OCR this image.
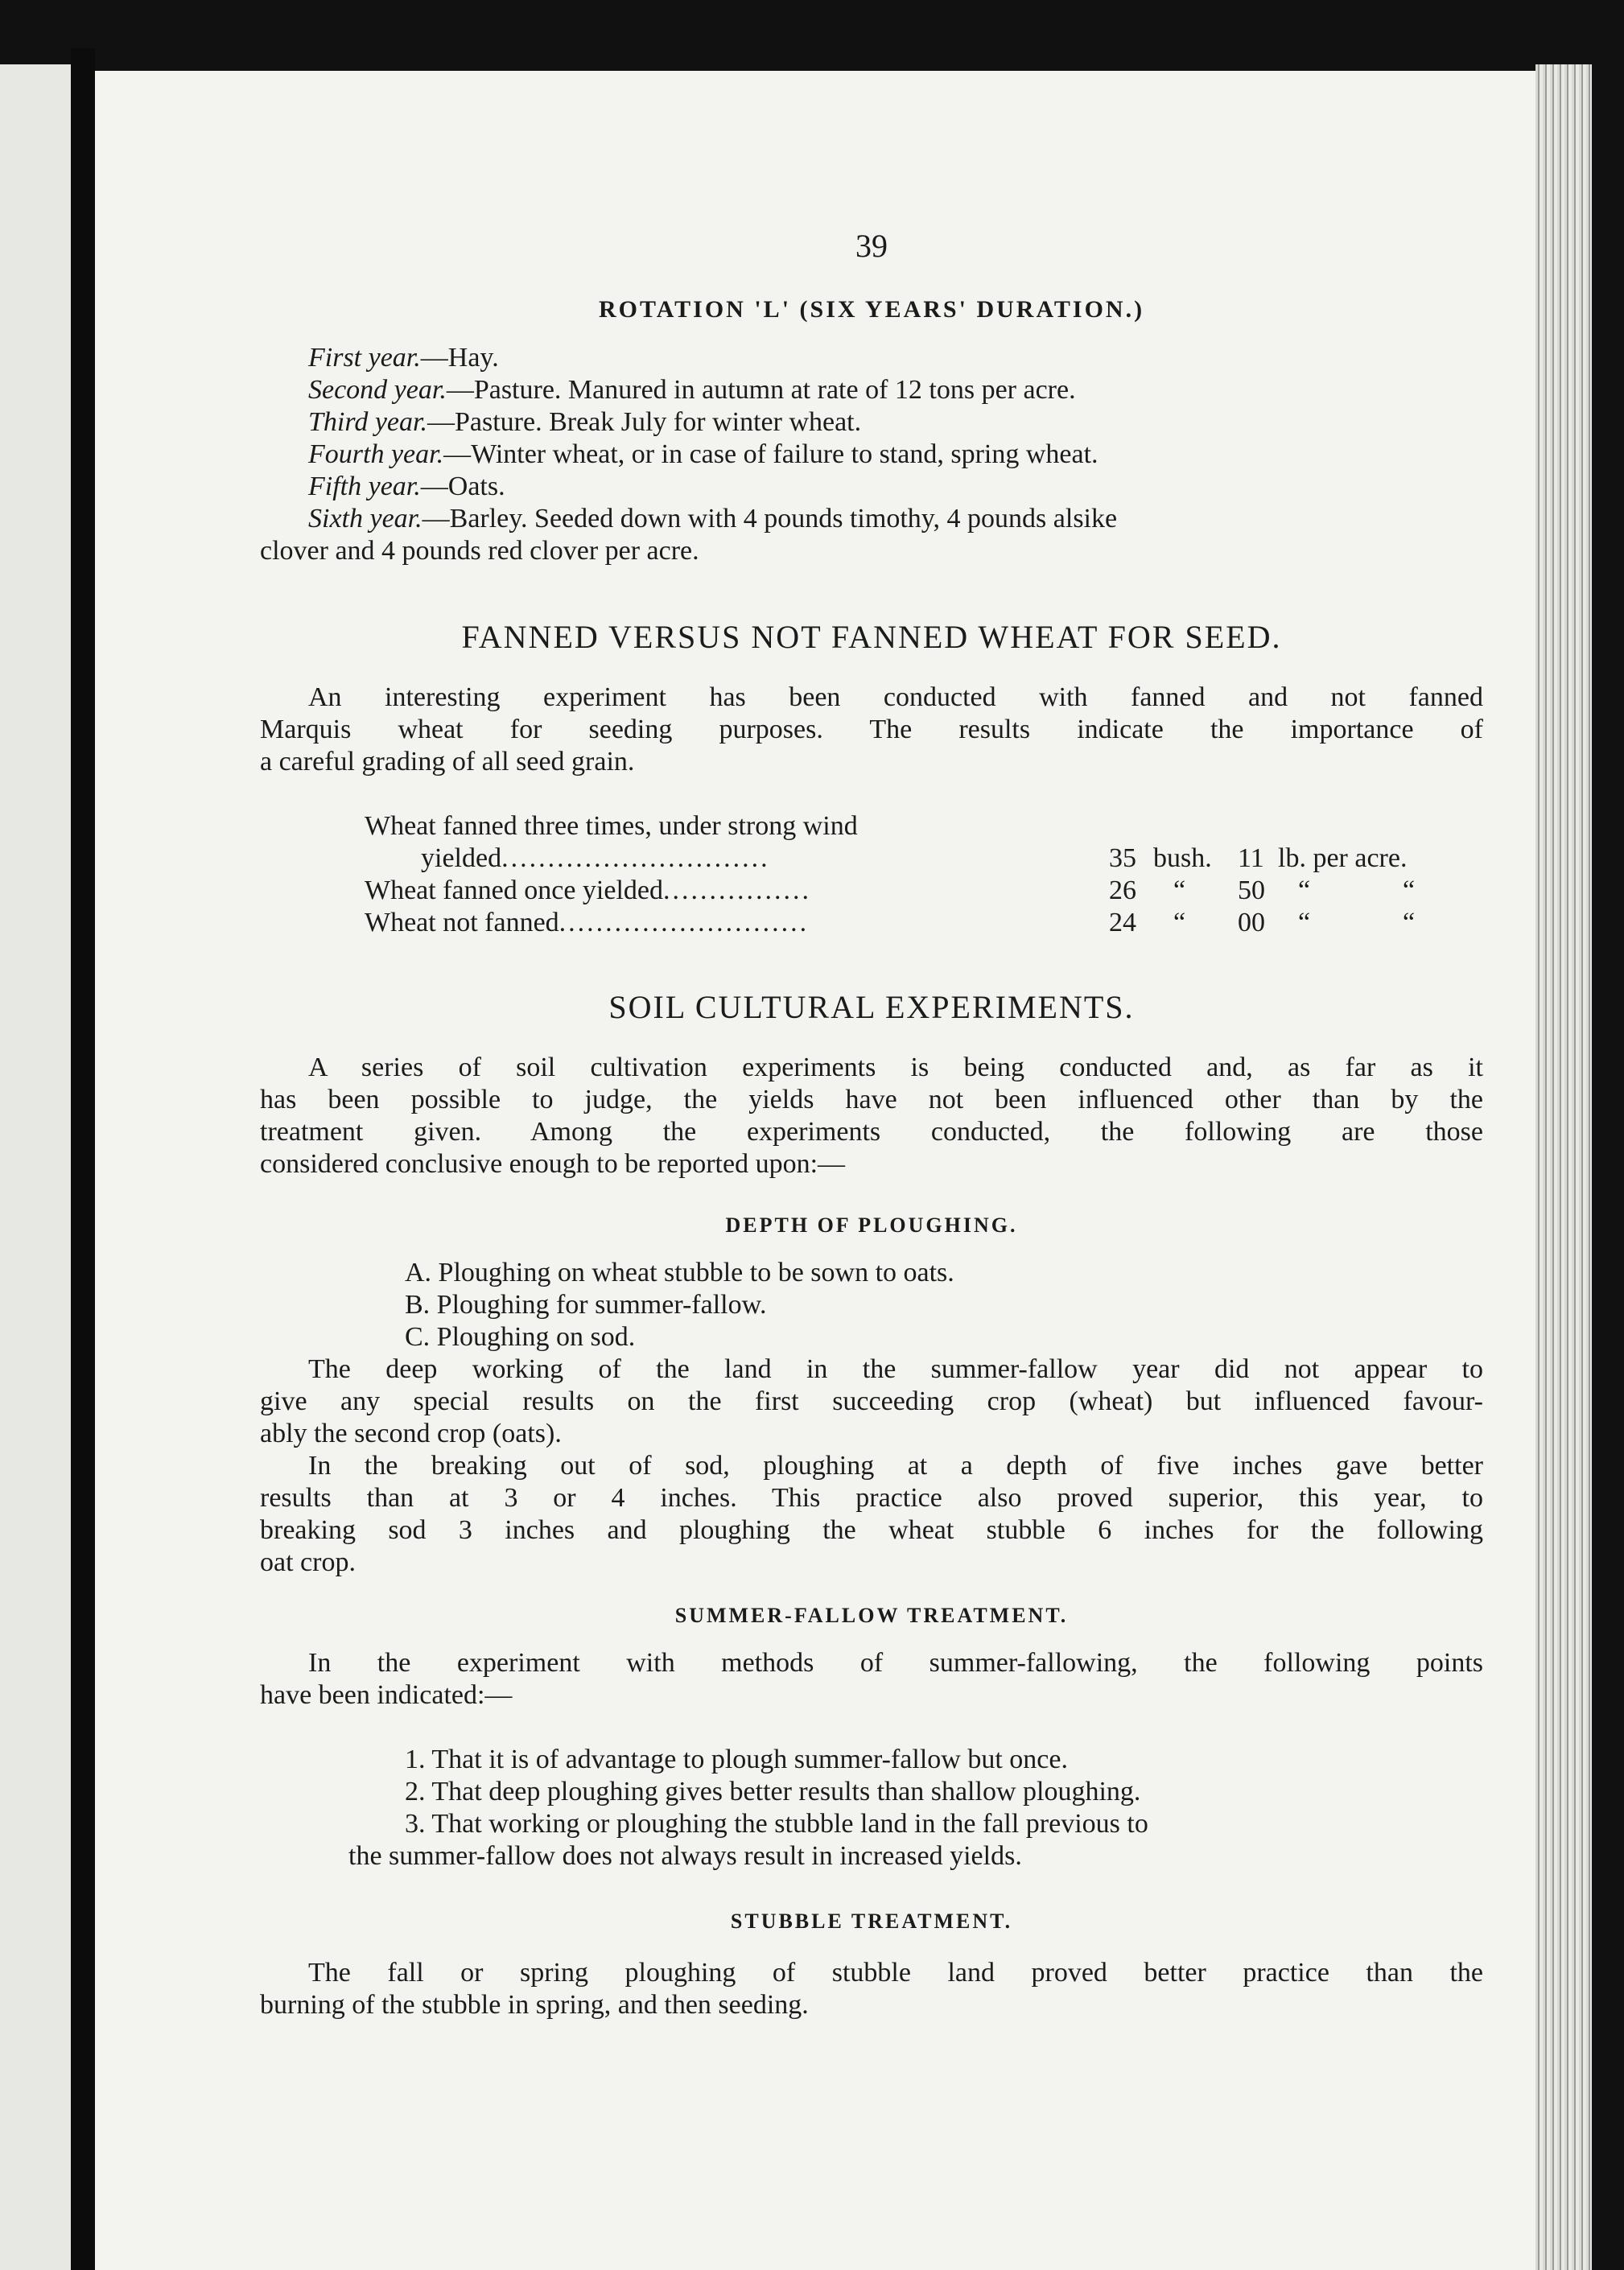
39
ROTATION 'L' (SIX YEARS' DURATION.)
First year.—Hay.
Second year.—Pasture. Manured in autumn at rate of 12 tons per acre.
Third year.—Pasture. Break July for winter wheat.
Fourth year.—Winter wheat, or in case of failure to stand, spring wheat.
Fifth year.—Oats.
Sixth year.—Barley. Seeded down with 4 pounds timothy, 4 pounds alsike
clover and 4 pounds red clover per acre.
FANNED VERSUS NOT FANNED WHEAT FOR SEED.
An interesting experiment has been conducted with fanned and not fanned
Marquis wheat for seeding purposes. The results indicate the importance of
a careful grading of all seed grain.
Wheat fanned three times, under strong wind
yielded.............................	35 bush. 11 lb. per acre.
Wheat fanned once yielded................	26 “ 50 “	“
Wheat not fanned...........................	24 “ 00 “	“
SOIL CULTURAL EXPERIMENTS.
A series of soil cultivation experiments is being conducted and, as far as it
has been possible to judge, the yields have not been influenced other than by the
treatment given. Among the experiments conducted, the following are those
considered conclusive enough to be reported upon:—
DEPTH OF PLOUGHING.
A. Ploughing on wheat stubble to be sown to oats.
B. Ploughing for summer-fallow.
C. Ploughing on sod.
The deep working of the land in the summer-fallow year did not appear to
give any special results on the first succeeding crop (wheat) but influenced favour-
ably the second crop (oats).
In the breaking out of sod, ploughing at a depth of five inches gave better
results than at 3 or 4 inches. This practice also proved superior, this year, to
breaking sod 3 inches and ploughing the wheat stubble 6 inches for the following
oat crop.
SUMMER-FALLOW TREATMENT.
In the experiment with methods of summer-fallowing, the following points
have been indicated:—
1. That it is of advantage to plough summer-fallow but once.
2. That deep ploughing gives better results than shallow ploughing.
3. That working or ploughing the stubble land in the fall previous to
the summer-fallow does not always result in increased yields.
STUBBLE TREATMENT.
The fall or spring ploughing of stubble land proved better practice than the
burning of the stubble in spring, and then seeding.
